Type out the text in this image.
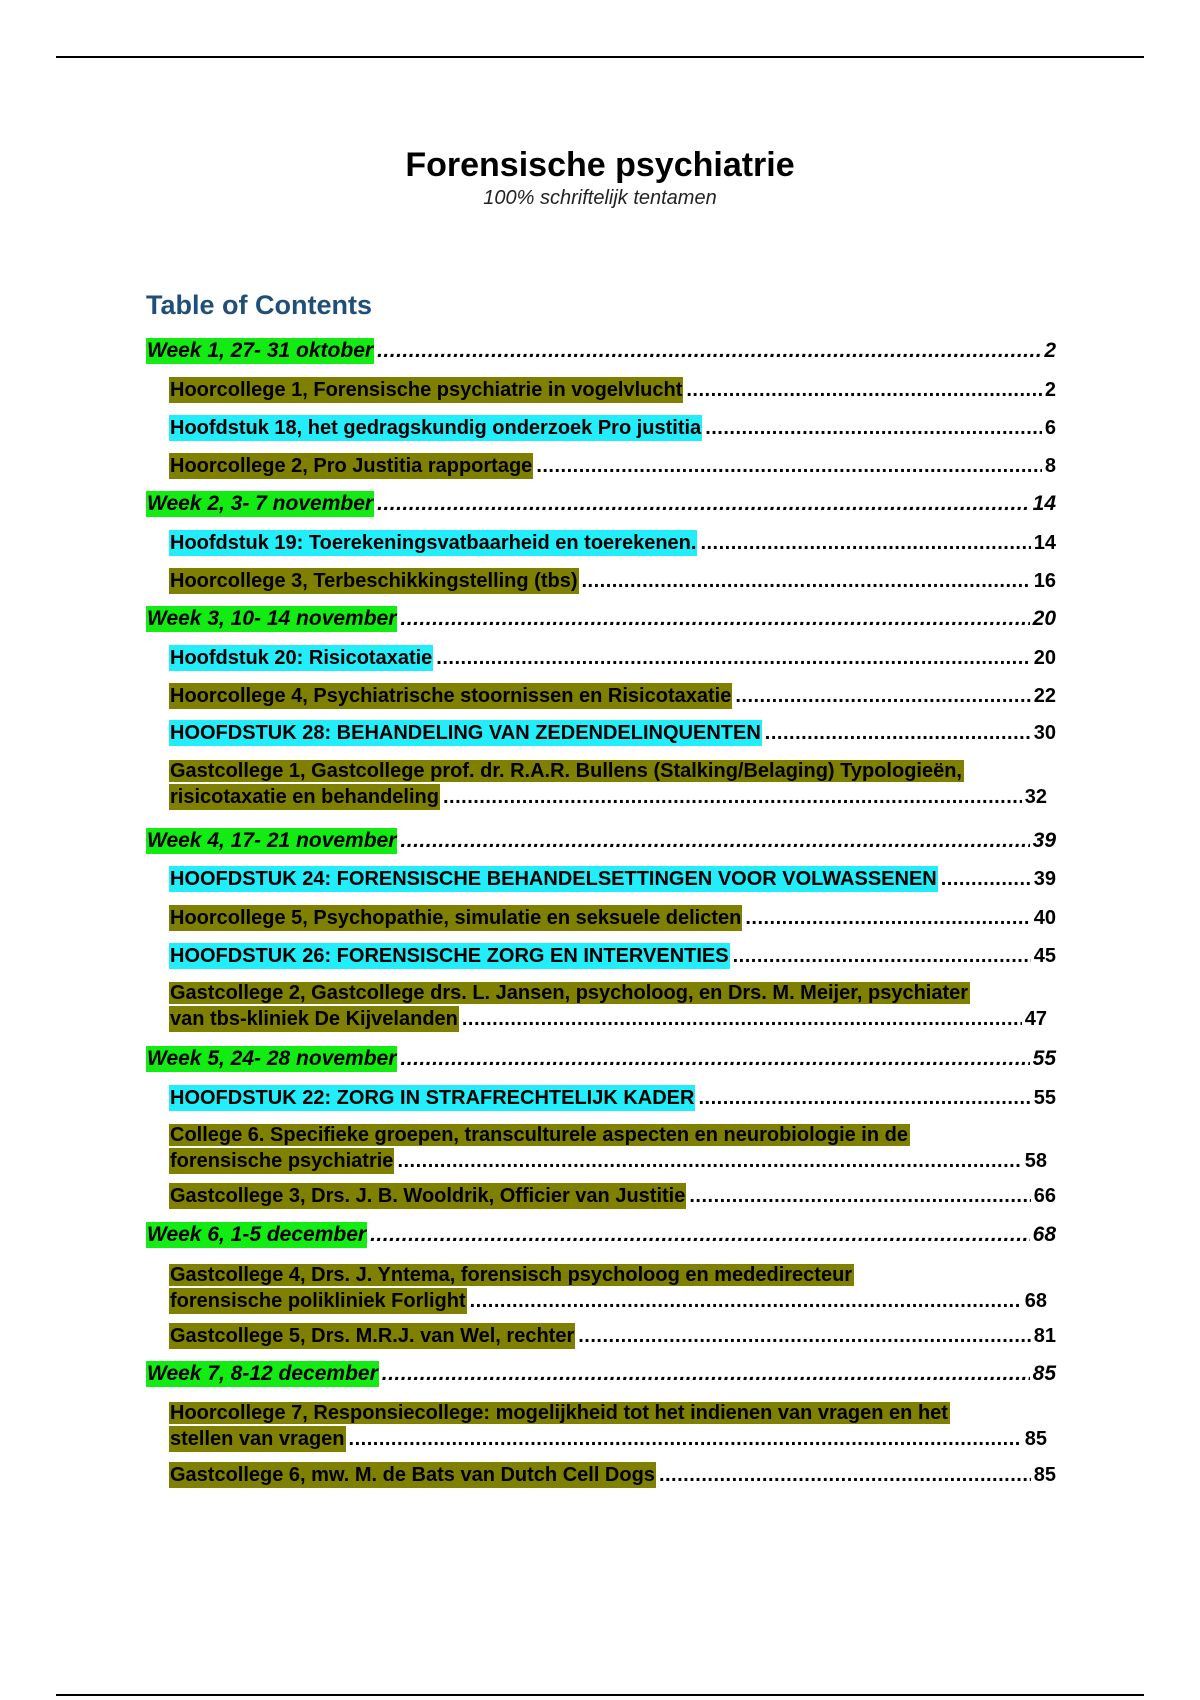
Forensische psychiatrie
100% schriftelijk tentamen
Table of Contents
Week 1, 27- 31 oktober .....	2
Hoorcollege 1, Forensische psychiatrie in vogelvlucht .....	2
Hoofdstuk 18, het gedragskundig onderzoek Pro justitia .....	6
Hoorcollege 2, Pro Justitia rapportage .....	8
Week 2, 3- 7 november .....	14
Hoofdstuk 19: Toerekeningsvatbaarheid en toerekenen. .....	14
Hoorcollege 3, Terbeschikkingstelling (tbs) .....	16
Week 3, 10- 14 november .....	20
Hoofdstuk 20: Risicotaxatie .....	20
Hoorcollege 4, Psychiatrische stoornissen en Risicotaxatie .....	22
HOOFDSTUK 28: BEHANDELING VAN ZEDENDELINQUENTEN .....	30
Gastcollege 1, Gastcollege prof. dr. R.A.R. Bullens (Stalking/Belaging) Typologieën,
risicotaxatie en behandeling .....	32
Week 4, 17- 21 november .....	39
HOOFDSTUK 24: FORENSISCHE BEHANDELSETTINGEN VOOR VOLWASSENEN .....	39
Hoorcollege 5, Psychopathie, simulatie en seksuele delicten .....	40
HOOFDSTUK 26: FORENSISCHE ZORG EN INTERVENTIES .....	45
Gastcollege 2, Gastcollege drs. L. Jansen, psycholoog, en Drs. M. Meijer, psychiater
van tbs-kliniek De Kijvelanden .....	47
Week 5, 24- 28 november .....	55
HOOFDSTUK 22: ZORG IN STRAFRECHTELIJK KADER .....	55
College 6. Specifieke groepen, transculturele aspecten en neurobiologie in de
forensische psychiatrie .....	58
Gastcollege 3, Drs. J. B. Wooldrik, Officier van Justitie .....	66
Week 6, 1-5 december .....	68
Gastcollege 4, Drs. J. Yntema, forensisch psycholoog en mededirecteur
forensische polikliniek Forlight .....	68
Gastcollege 5, Drs. M.R.J. van Wel, rechter .....	81
Week 7, 8-12 december .....	85
Hoorcollege 7, Responsiecollege: mogelijkheid tot het indienen van vragen en het
stellen van vragen .....	85
Gastcollege 6, mw. M. de Bats van Dutch Cell Dogs .....	85
